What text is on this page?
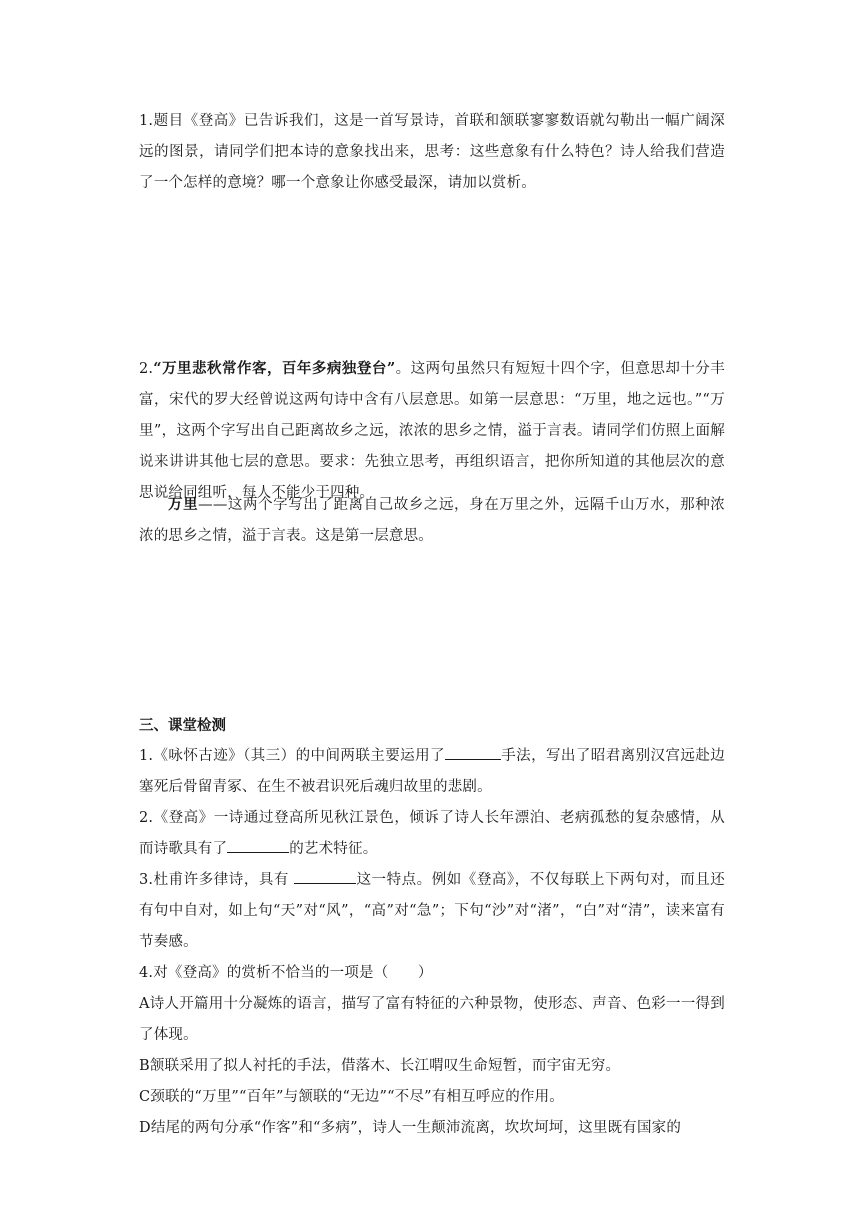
1.题目《登高》已告诉我们，这是一首写景诗，首联和颔联寥寥数语就勾勒出一幅广阔深远的图景，请同学们把本诗的意象找出来，思考：这些意象有什么特色？诗人给我们营造了一个怎样的意境？哪一个意象让你感受最深，请加以赏析。

2.“万里悲秋常作客，百年多病独登台”。这两句虽然只有短短十四个字，但意思却十分丰富，宋代的罗大经曾说这两句诗中含有八层意思。如第一层意思：“万里，地之远也。”“万里”，这两个字写出自己距离故乡之远，浓浓的思乡之情，溢于言表。请同学们仿照上面解说来讲讲其他七层的意思。要求：先独立思考，再组织语言，把你所知道的其他层次的意思说给同组听，每人不能少于四种。

万里——这两个字写出了距离自己故乡之远，身在万里之外，远隔千山万水，那种浓浓的思乡之情，溢于言表。这是第一层意思。

三、课堂检测

1.《咏怀古迹》（其三）的中间两联主要运用了	手法，写出了昭君离别汉宫远赴边塞死后骨留青冢、在生不被君识死后魂归故里的悲剧。

2.《登高》一诗通过登高所见秋江景色，倾诉了诗人长年漂泊、老病孤愁的复杂感情，从而诗歌具有了	的艺术特征。

3.杜甫许多律诗，具有	这一特点。例如《登高》，不仅每联上下两句对，而且还有句中自对，如上句“天”对“风”，“高”对“急”；下句“沙”对“渚”，“白”对“清”，读来富有节奏感。

4.对《登高》的赏析不恰当的一项是（　　）

A诗人开篇用十分凝炼的语言，描写了富有特征的六种景物，使形态、声音、色彩一一得到了体现。

B颔联采用了拟人衬托的手法，借落木、长江喟叹生命短暂，而宇宙无穷。

C颈联的“万里”“百年”与颔联的“无边”“不尽”有相互呼应的作用。

D结尾的两句分承“作客”和“多病”，诗人一生颠沛流离，坎坎坷坷，这里既有国家的
